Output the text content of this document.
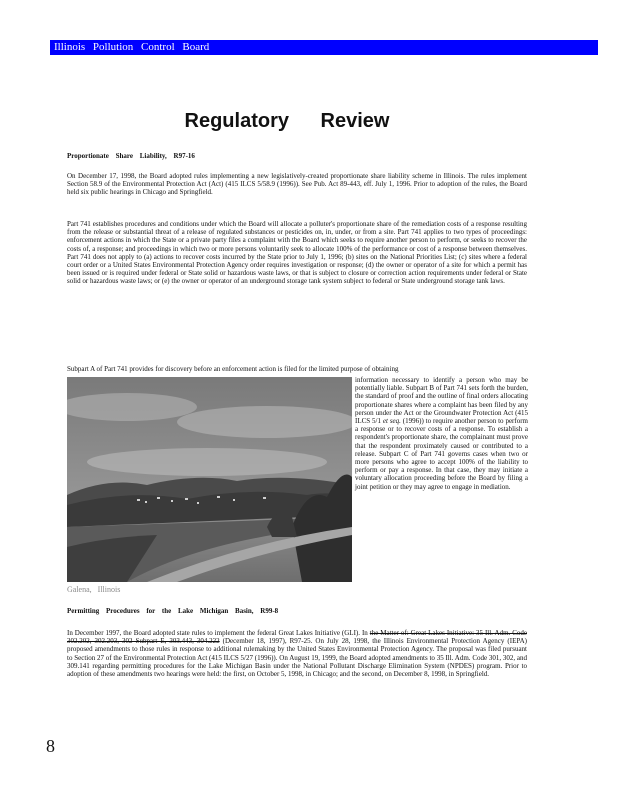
Illinois Pollution Control Board
Regulatory Review
Proportionate Share Liability, R97-16
On December 17, 1998, the Board adopted rules implementing a new legislatively-created proportionate share liability scheme in Illinois. The rules implement Section 58.9 of the Environmental Protection Act (Act) (415 ILCS 5/58.9 (1996)). See Pub. Act 89-443, eff. July 1, 1996. Prior to adoption of the rules, the Board held six public hearings in Chicago and Springfield.
Part 741 establishes procedures and conditions under which the Board will allocate a polluter's proportionate share of the remediation costs of a response resulting from the release or substantial threat of a release of regulated substances or pesticides on, in, under, or from a site. Part 741 applies to two types of proceedings: enforcement actions in which the State or a private party files a complaint with the Board which seeks to require another person to perform, or seeks to recover the costs of, a response; and proceedings in which two or more persons voluntarily seek to allocate 100% of the performance or cost of a response between themselves. Part 741 does not apply to (a) actions to recover costs incurred by the State prior to July 1, 1996; (b) sites on the National Priorities List; (c) sites where a federal court order or a United States Environmental Protection Agency order requires investigation or response; (d) the owner or operator of a site for which a permit has been issued or is required under federal or State solid or hazardous waste laws, or that is subject to closure or correction action requirements under federal or State solid or hazardous waste laws; or (e) the owner or operator of an underground storage tank system subject to federal or State underground storage tank laws.
Subpart A of Part 741 provides for discovery before an enforcement action is filed for the limited purpose of obtaining
information necessary to identify a person who may be potentially liable. Subpart B of Part 741 sets forth the burden, the standard of proof and the outline of final orders allocating proportionate shares where a complaint has been filed by any person under the Act or the Groundwater Protection Act (415 ILCS 5/1 et seq. (1996)) to require another person to perform a response or to recover costs of a response. To establish a respondent's proportionate share, the complainant must prove that the respondent proximately caused or contributed to a release. Subpart C of Part 741 governs cases when two or more persons who agree to accept 100% of the liability to perform or pay a response. In that case, they may initiate a voluntary allocation proceeding before the Board by filing a joint petition or they may agree to engage in mediation.
Galena, Illinois
Permitting Procedures for the Lake Michigan Basin, R99-8
In December 1997, the Board adopted state rules to implement the federal Great Lakes Initiative (GLI). In the Matter of: Great Lakes Initiative: 35 Ill. Adm. Code 302.202, 302.203, 302 Subpart E, 303.443, 304.222 (December 18, 1997), R97-25. On July 28, 1998, the Illinois Environmental Protection Agency (IEPA) proposed amendments to those rules in response to additional rulemaking by the United States Environmental Protection Agency. The proposal was filed pursuant to Section 27 of the Environmental Protection Act (415 ILCS 5/27 (1996)). On August 19, 1999, the Board adopted amendments to 35 Ill. Adm. Code 301, 302, and 309.141 regarding permitting procedures for the Lake Michigan Basin under the National Pollutant Discharge Elimination System (NPDES) program. Prior to adoption of these amendments two hearings were held: the first, on October 5, 1998, in Chicago; and the second, on December 8, 1998, in Springfield.
8
